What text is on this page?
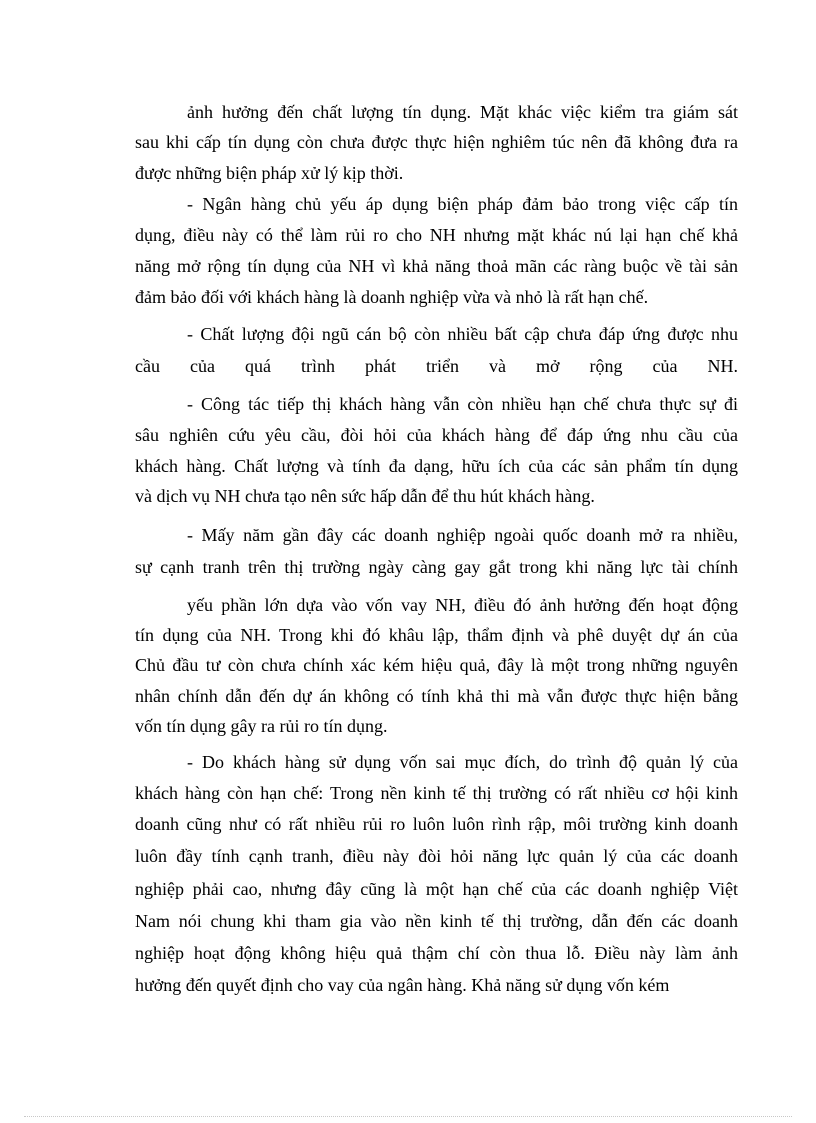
ảnh hưởng đến chất lượng tín dụng. Mặt khác việc kiểm tra giám sát
sau khi cấp tín dụng còn chưa được thực hiện nghiêm túc nên đã không đưa ra
được những biện pháp xử lý kịp thời.
- Ngân hàng chủ yếu áp dụng biện pháp đảm bảo trong việc cấp tín
dụng, điều này có thể làm rủi ro cho NH nhưng mặt khác nú lại hạn chế khả
năng mở rộng tín dụng của NH vì khả năng thoả mãn các ràng buộc về tài sản
đảm bảo đối với khách hàng là doanh nghiệp vừa và nhỏ là rất hạn chế.
- Chất lượng đội ngũ cán bộ còn nhiều bất cập chưa đáp ứng được nhu
cầu của quá trình phát triển và mở rộng của NH.
- Công tác tiếp thị khách hàng vẫn còn nhiều hạn chế chưa thực sự đi
sâu nghiên cứu yêu cầu, đòi hỏi của khách hàng để đáp ứng nhu cầu của
khách hàng. Chất lượng và tính đa dạng, hữu ích của các sản phẩm tín dụng
và dịch vụ NH chưa tạo nên sức hấp dẫn để thu hút khách hàng.
- Mấy năm gần đây các doanh nghiệp ngoài quốc doanh mở ra nhiều,
sự cạnh tranh trên thị trường ngày càng gay gắt trong khi năng lực tài chính
yếu phần lớn dựa vào vốn vay NH, điều đó ảnh hưởng đến hoạt động
tín dụng của NH. Trong khi đó khâu lập, thẩm định và phê duyệt dự án của
Chủ đầu tư còn chưa chính xác kém hiệu quả, đây là một trong những nguyên
nhân chính dẫn đến dự án không có tính khả thi mà vẫn được thực hiện bằng
vốn tín dụng gây ra rủi ro tín dụng.
- Do khách hàng sử dụng vốn sai mục đích, do trình độ quản lý của
khách hàng còn hạn chế: Trong nền kinh tế thị trường có rất nhiều cơ hội kinh
doanh cũng như có rất nhiều rủi ro luôn luôn rình rập, môi trường kinh doanh
luôn đầy tính cạnh tranh, điều này đòi hỏi năng lực quản lý của các doanh
nghiệp phải cao, nhưng đây cũng là một hạn chế của các doanh nghiệp Việt
Nam nói chung khi tham gia vào nền kinh tế thị trường, dẫn đến các doanh
nghiệp hoạt động không hiệu quả thậm chí còn thua lỗ. Điều này làm ảnh
hưởng đến quyết định cho vay của ngân hàng. Khả năng sử dụng vốn kém
